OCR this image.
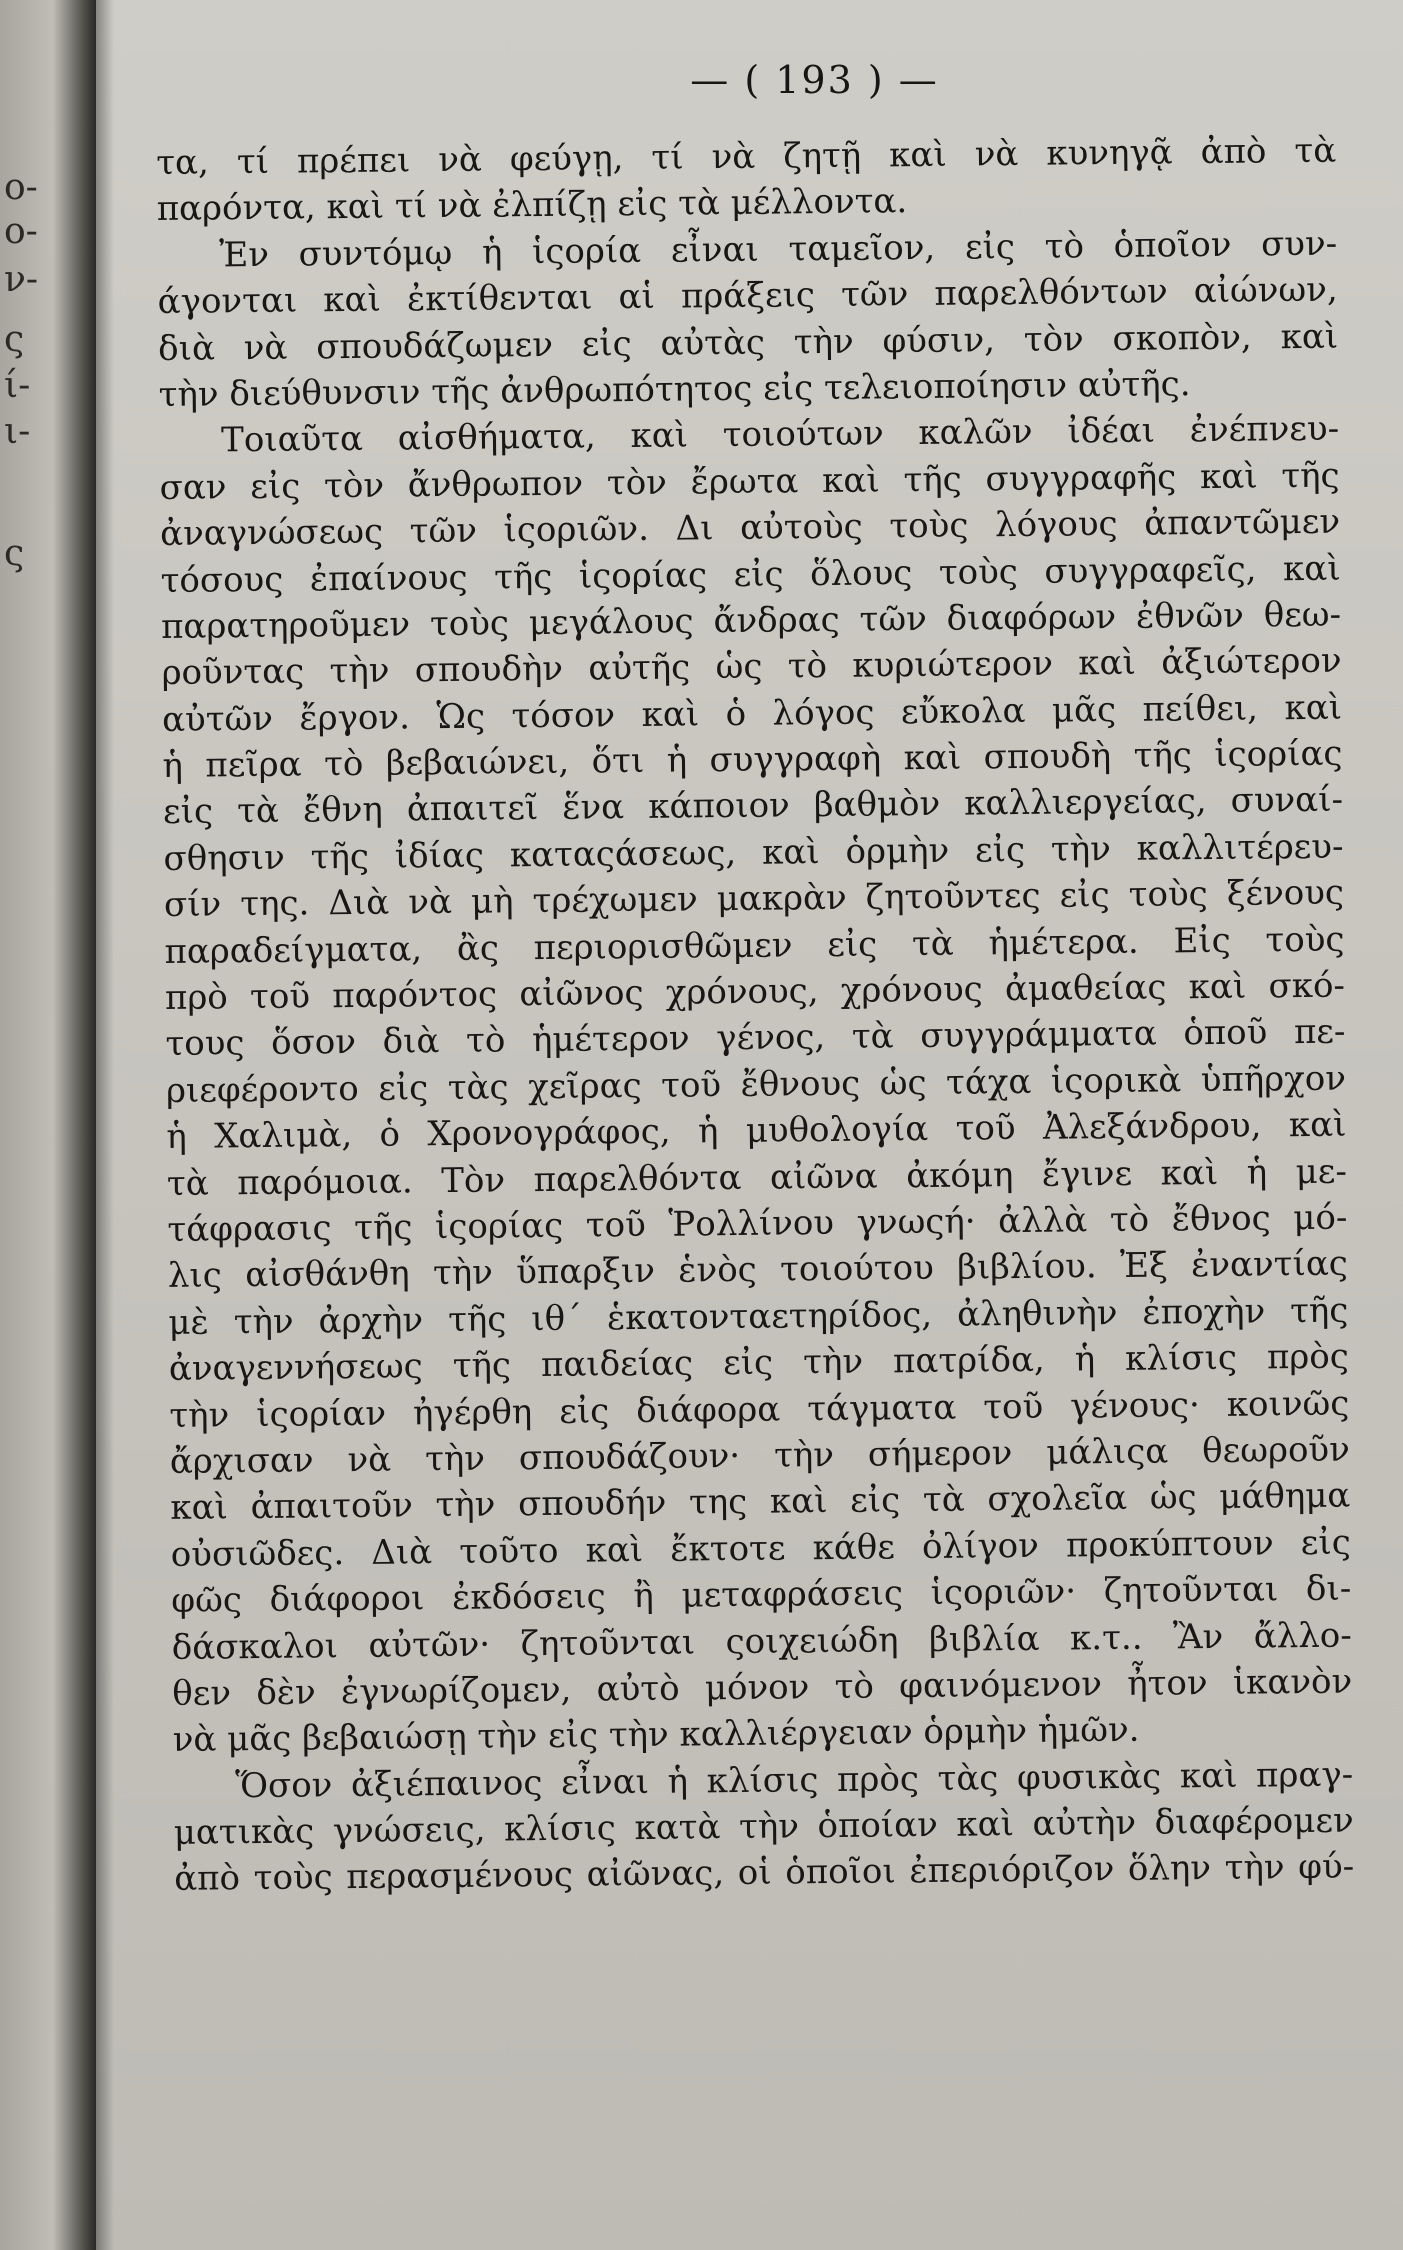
ο-
ο-
ν-
ς
ί-
ι-
ς
— ( 193 ) —
τα, τί πρέπει νὰ φεύγῃ, τί νὰ ζητῇ καὶ νὰ κυνηγᾷ ἀπὸ τὰ
παρόντα, καὶ τί νὰ ἐλπίζῃ εἰς τὰ μέλλοντα.
Ἐν συντόμῳ ἡ ἱςορία εἶναι ταμεῖον, εἰς τὸ ὁποῖον συν-
άγονται καὶ ἐκτίθενται αἱ πράξεις τῶν παρελθόντων αἰώνων,
διὰ νὰ σπουδάζωμεν εἰς αὐτὰς τὴν φύσιν, τὸν σκοπὸν, καὶ
τὴν διεύθυνσιν τῆς ἀνθρωπότητος εἰς τελειοποίησιν αὐτῆς.
Τοιαῦτα αἰσθήματα, καὶ τοιούτων καλῶν ἰδέαι ἐνέπνευ-
σαν εἰς τὸν ἄνθρωπον τὸν ἔρωτα καὶ τῆς συγγραφῆς καὶ τῆς
ἀναγνώσεως τῶν ἱςοριῶν. Δι αὐτοὺς τοὺς λόγους ἀπαντῶμεν
τόσους ἐπαίνους τῆς ἱςορίας εἰς ὅλους τοὺς συγγραφεῖς, καὶ
παρατηροῦμεν τοὺς μεγάλους ἄνδρας τῶν διαφόρων ἐθνῶν θεω-
ροῦντας τὴν σπουδὴν αὐτῆς ὡς τὸ κυριώτερον καὶ ἀξιώτερον
αὐτῶν ἔργον. Ὡς τόσον καὶ ὁ λόγος εὔκολα μᾶς πείθει, καὶ
ἡ πεῖρα τὸ βεβαιώνει, ὅτι ἡ συγγραφὴ καὶ σπουδὴ τῆς ἱςορίας
εἰς τὰ ἔθνη ἀπαιτεῖ ἕνα κάποιον βαθμὸν καλλιεργείας, συναί-
σθησιν τῆς ἰδίας καταςάσεως, καὶ ὁρμὴν εἰς τὴν καλλιτέρευ-
σίν της. Διὰ νὰ μὴ τρέχωμεν μακρὰν ζητοῦντες εἰς τοὺς ξένους
παραδείγματα, ἂς περιορισθῶμεν εἰς τὰ ἡμέτερα. Εἰς τοὺς
πρὸ τοῦ παρόντος αἰῶνος χρόνους, χρόνους ἀμαθείας καὶ σκό-
τους ὅσον διὰ τὸ ἡμέτερον γένος, τὰ συγγράμματα ὁποῦ πε-
ριεφέροντο εἰς τὰς χεῖρας τοῦ ἔθνους ὡς τάχα ἱςορικὰ ὑπῆρχον
ἡ Χαλιμὰ, ὁ Χρονογράφος, ἡ μυθολογία τοῦ Ἀλεξάνδρου, καὶ
τὰ παρόμοια. Τὸν παρελθόντα αἰῶνα ἀκόμη ἔγινε καὶ ἡ με-
τάφρασις τῆς ἱςορίας τοῦ Ῥολλίνου γνωςή· ἀλλὰ τὸ ἔθνος μό-
λις αἰσθάνθη τὴν ὕπαρξιν ἑνὸς τοιούτου βιβλίου. Ἐξ ἐναντίας
μὲ τὴν ἀρχὴν τῆς ιθ´ ἑκατονταετηρίδος, ἀληθινὴν ἐποχὴν τῆς
ἀναγεννήσεως τῆς παιδείας εἰς τὴν πατρίδα, ἡ κλίσις πρὸς
τὴν ἱςορίαν ἠγέρθη εἰς διάφορα τάγματα τοῦ γένους· κοινῶς
ἄρχισαν νὰ τὴν σπουδάζουν· τὴν σήμερον μάλιςα θεωροῦν
καὶ ἀπαιτοῦν τὴν σπουδήν της καὶ εἰς τὰ σχολεῖα ὡς μάθημα
οὐσιῶδες. Διὰ τοῦτο καὶ ἔκτοτε κάθε ὀλίγον προκύπτουν εἰς
φῶς διάφοροι ἐκδόσεις ἢ μεταφράσεις ἱςοριῶν· ζητοῦνται δι-
δάσκαλοι αὐτῶν· ζητοῦνται ςοιχειώδη βιβλία κ.τ.. Ἂν ἄλλο-
θεν δὲν ἐγνωρίζομεν, αὐτὸ μόνον τὸ φαινόμενον ἦτον ἱκανὸν
νὰ μᾶς βεβαιώσῃ τὴν εἰς τὴν καλλιέργειαν ὁρμὴν ἡμῶν.
Ὅσον ἀξιέπαινος εἶναι ἡ κλίσις πρὸς τὰς φυσικὰς καὶ πραγ-
ματικὰς γνώσεις, κλίσις κατὰ τὴν ὁποίαν καὶ αὐτὴν διαφέρομεν
ἀπὸ τοὺς περασμένους αἰῶνας, οἱ ὁποῖοι ἐπεριόριζον ὅλην τὴν φύ-
